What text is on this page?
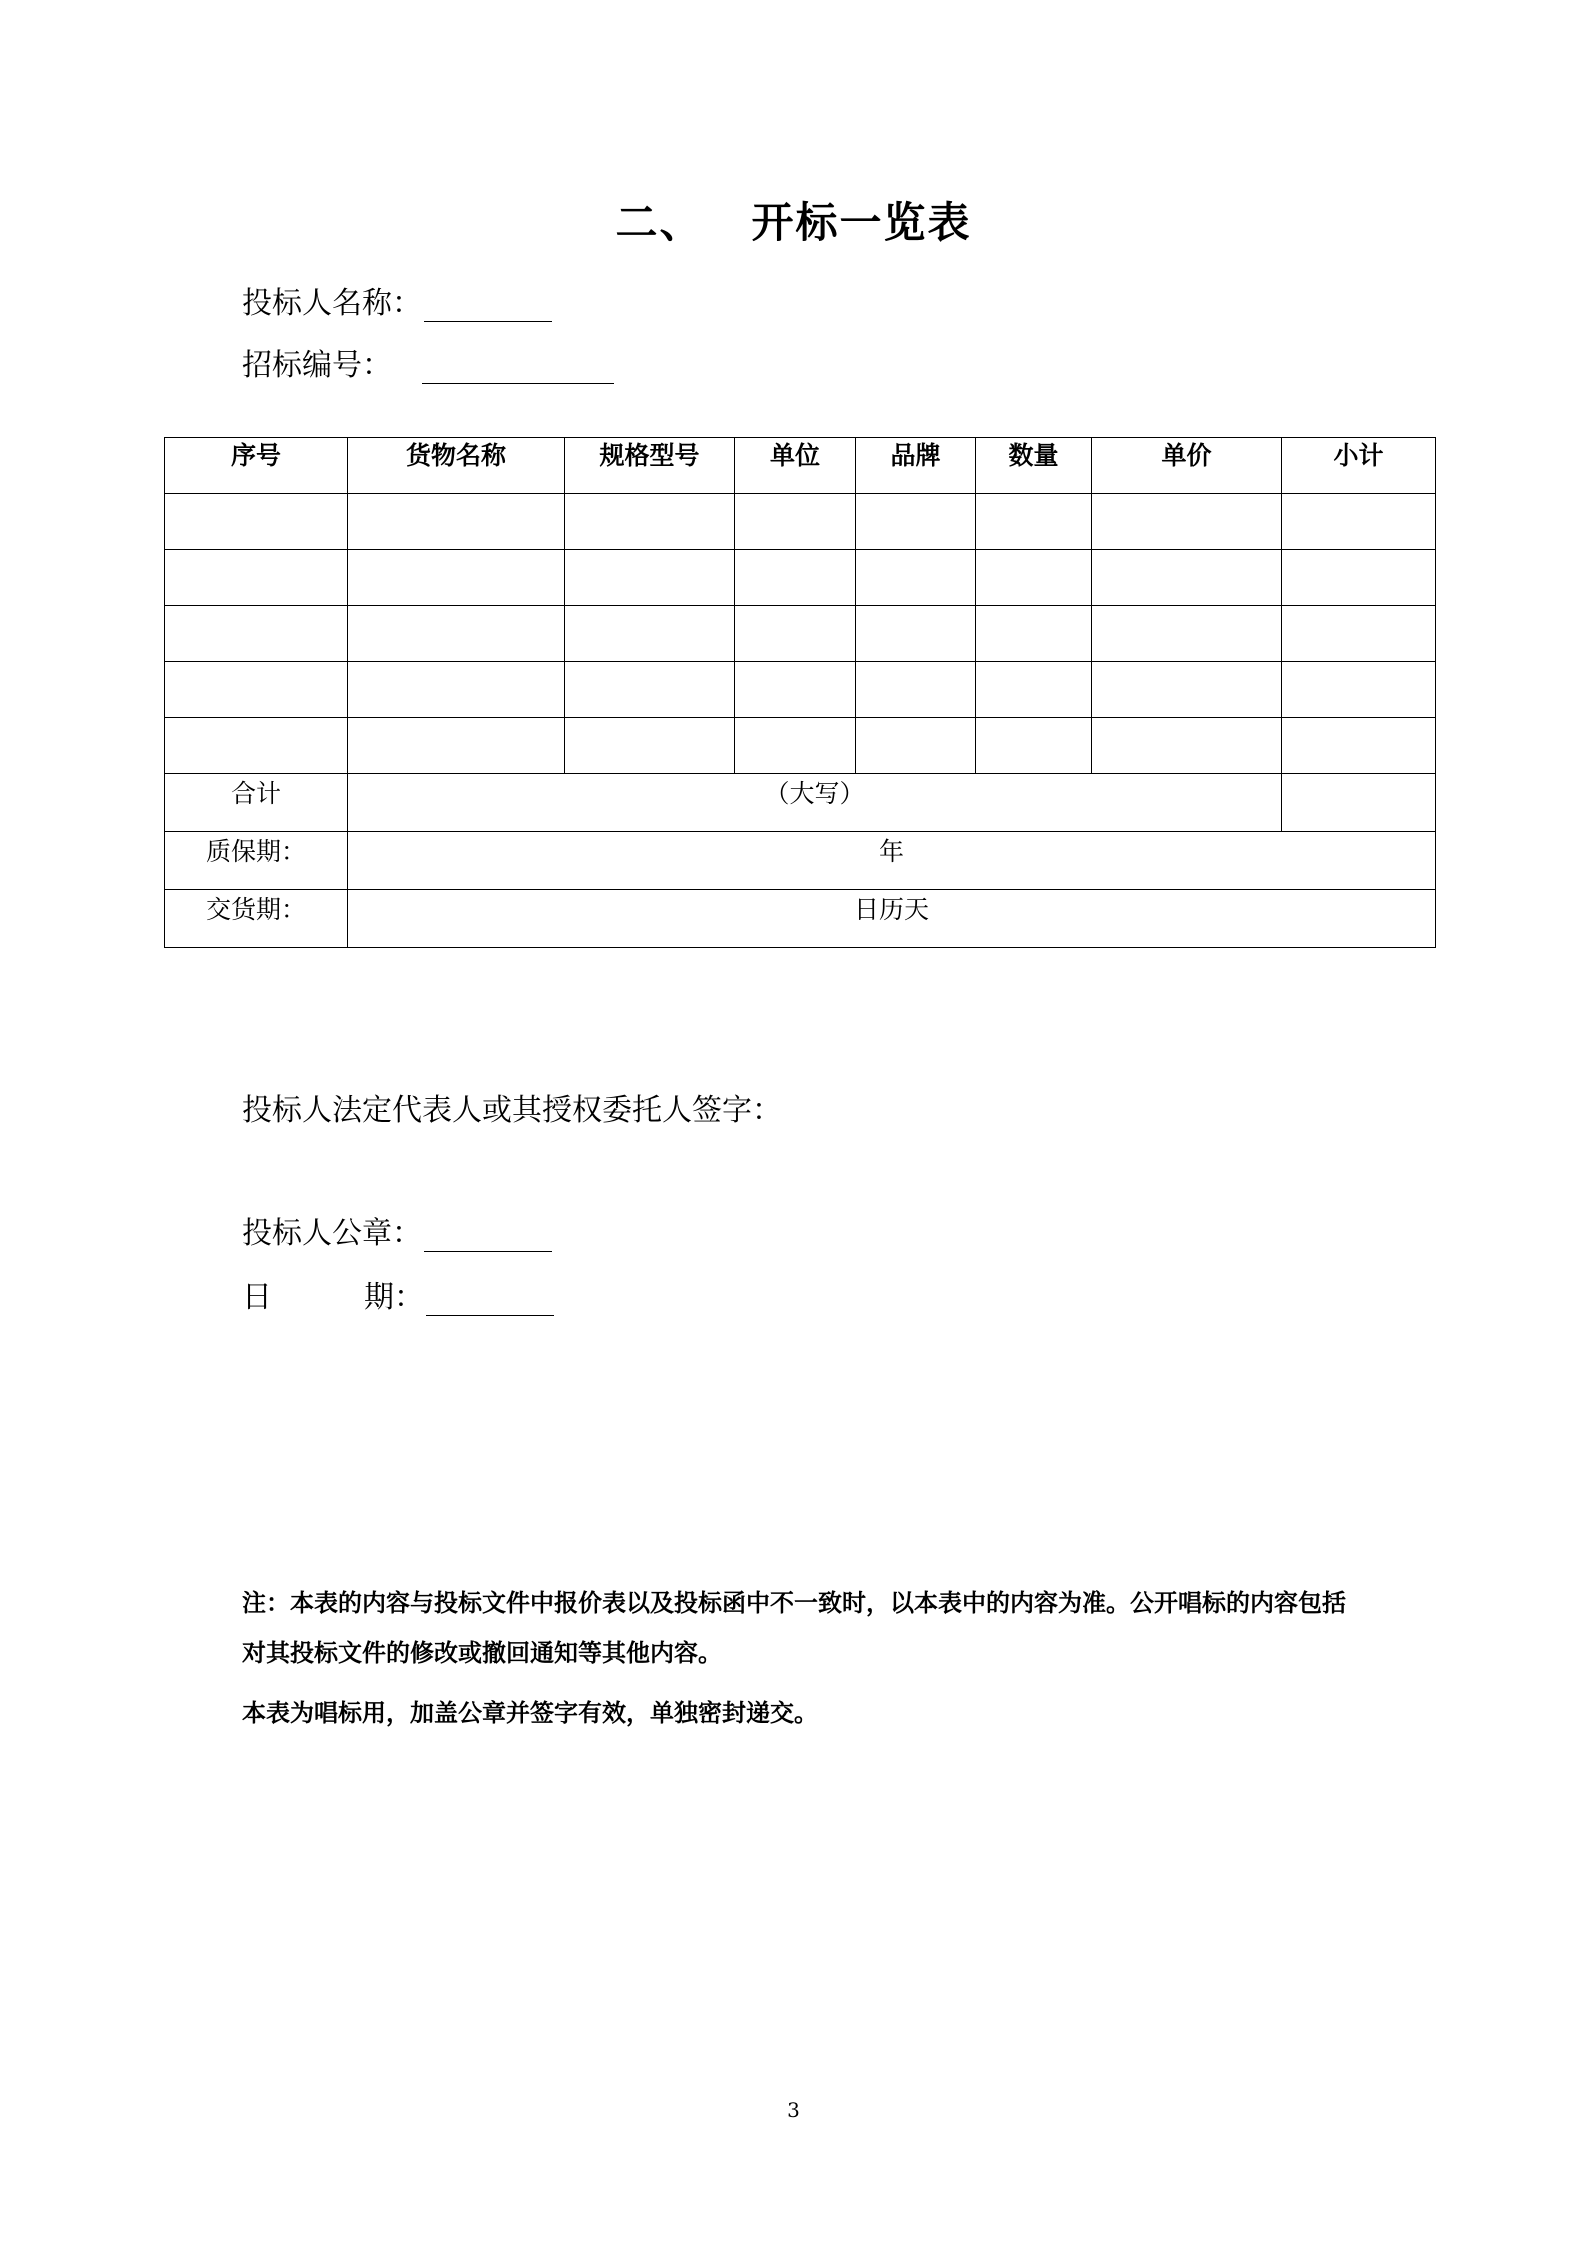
二、 开标一览表
投标人名称：
招标编号：
序号	货物名称	规格型号	单位	品牌	数量	单价	小计

合计	（大写）						
质保期：	年						
交货期：	日历天						
投标人法定代表人或其授权委托人签字：
投标人公章：
日	期：

注：本表的内容与投标文件中报价表以及投标函中不一致时，以本表中的内容为准。公开唱标的内容包括对其投标文件的修改或撤回通知等其他内容。

本表为唱标用，加盖公章并签字有效，单独密封递交。

3
